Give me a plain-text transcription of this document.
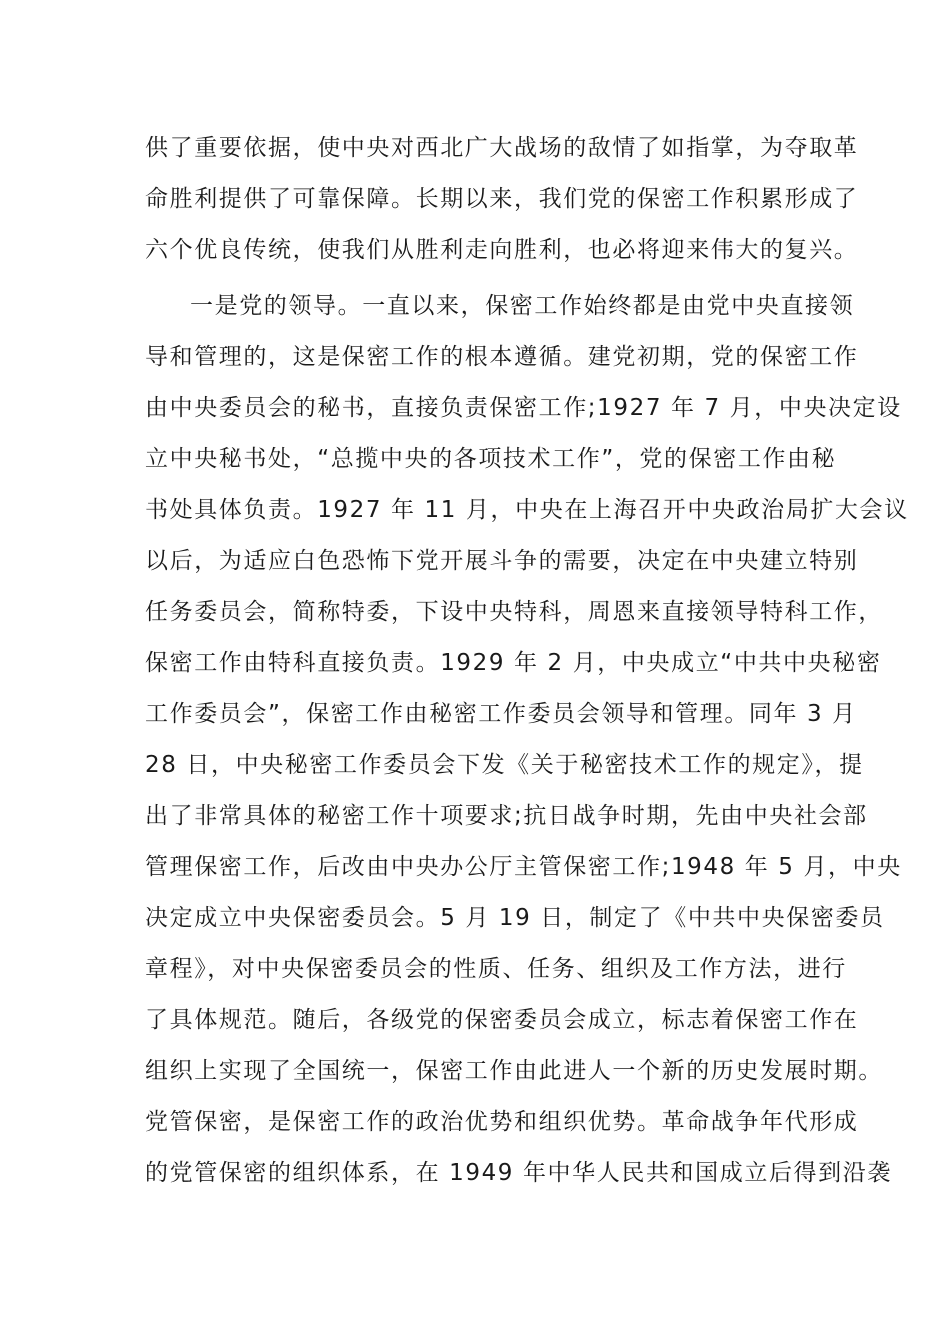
供了重要依据，使中央对西北广大战场的敌情了如指掌，为夺取革
命胜利提供了可靠保障。长期以来，我们党的保密工作积累形成了
六个优良传统，使我们从胜利走向胜利，也必将迎来伟大的复兴。
一是党的领导。一直以来，保密工作始终都是由党中央直接领
导和管理的，这是保密工作的根本遵循。建党初期，党的保密工作
由中央委员会的秘书，直接负责保密工作;1927 年 7 月，中央决定设
立中央秘书处，“总揽中央的各项技术工作”，党的保密工作由秘
书处具体负责。1927 年 11 月，中央在上海召开中央政治局扩大会议
以后，为适应白色恐怖下党开展斗争的需要，决定在中央建立特别
任务委员会，简称特委，下设中央特科，周恩来直接领导特科工作，
保密工作由特科直接负责。1929 年 2 月，中央成立“中共中央秘密
工作委员会”，保密工作由秘密工作委员会领导和管理。同年 3 月
28 日，中央秘密工作委员会下发《关于秘密技术工作的规定》，提
出了非常具体的秘密工作十项要求;抗日战争时期，先由中央社会部
管理保密工作，后改由中央办公厅主管保密工作;1948 年 5 月，中央
决定成立中央保密委员会。5 月 19 日，制定了《中共中央保密委员
章程》，对中央保密委员会的性质、任务、组织及工作方法，进行
了具体规范。随后，各级党的保密委员会成立，标志着保密工作在
组织上实现了全国统一，保密工作由此进人一个新的历史发展时期。
党管保密，是保密工作的政治优势和组织优势。革命战争年代形成
的党管保密的组织体系，在 1949 年中华人民共和国成立后得到沿袭
